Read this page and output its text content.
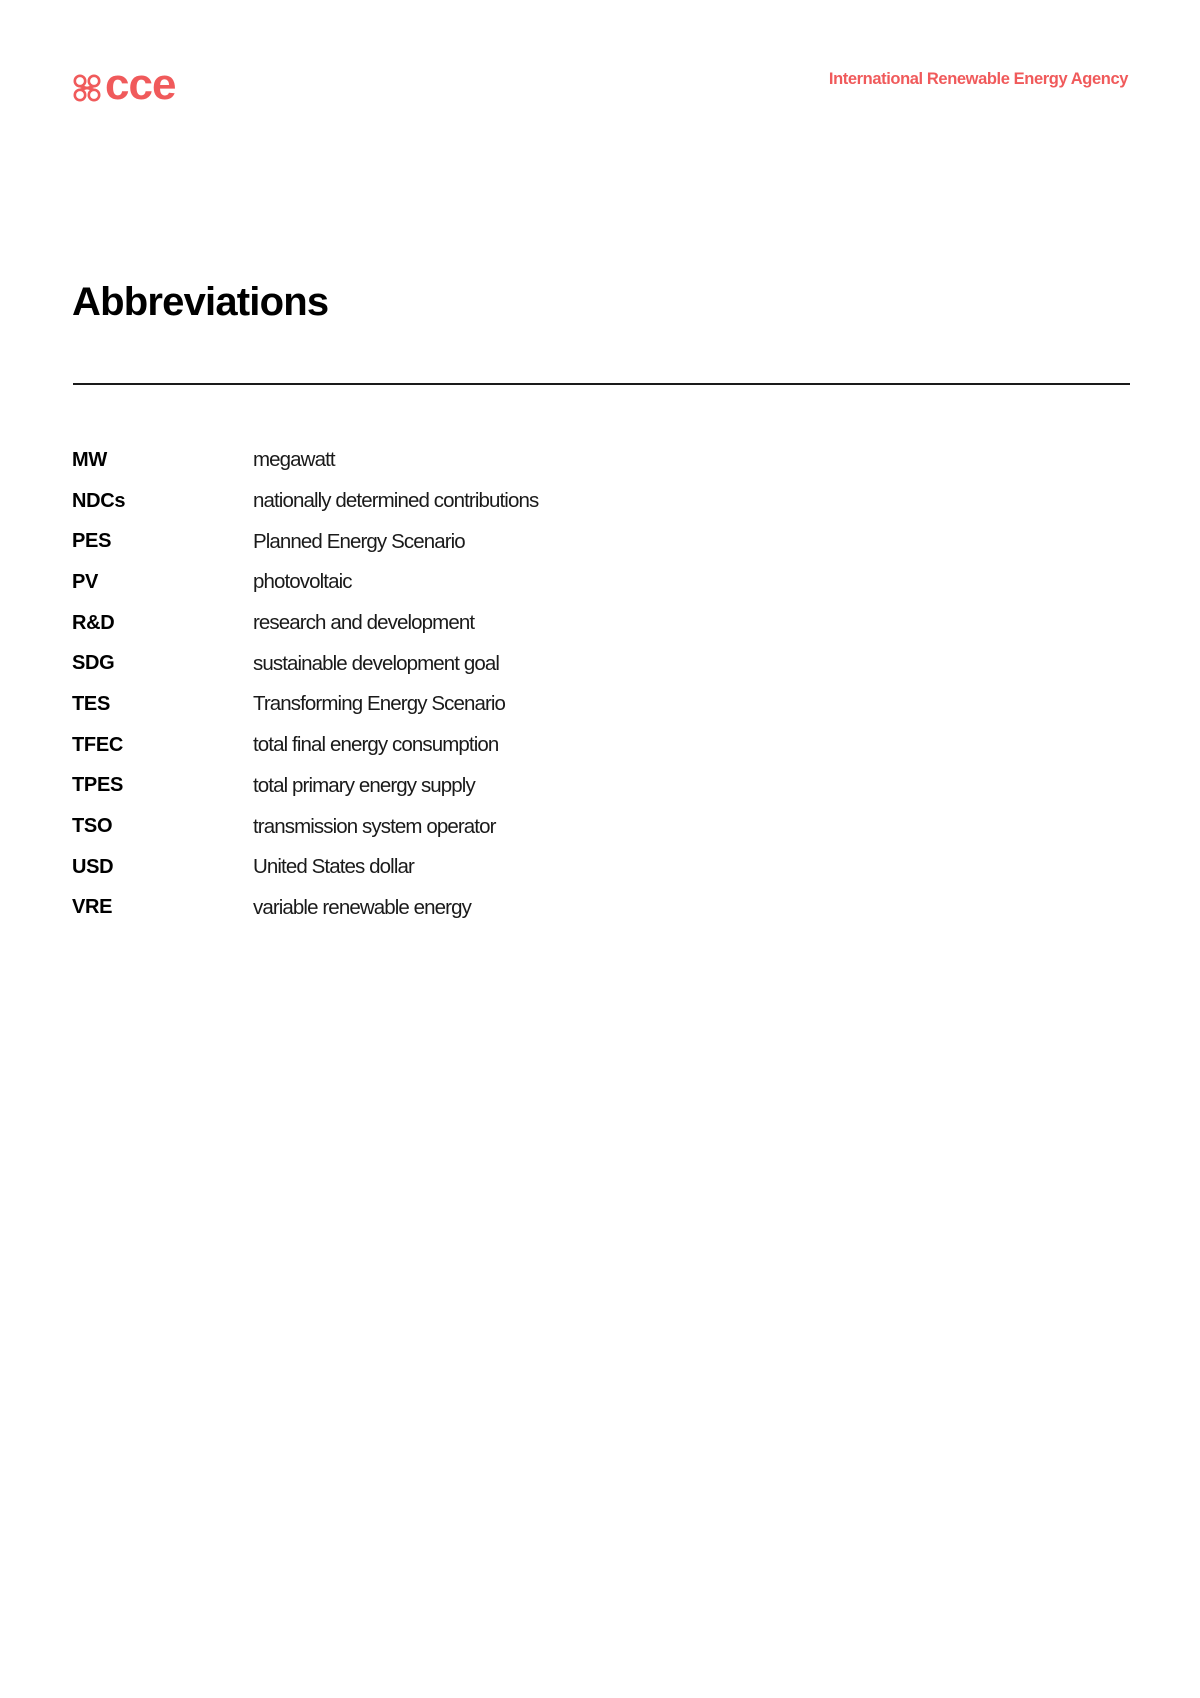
cce	International Renewable Energy Agency
Abbreviations
MW	megawatt
NDCs	nationally determined contributions
PES	Planned Energy Scenario
PV	photovoltaic
R&D	research and development
SDG	sustainable development goal
TES	Transforming Energy Scenario
TFEC	total final energy consumption
TPES	total primary energy supply
TSO	transmission system operator
USD	United States dollar
VRE	variable renewable energy
